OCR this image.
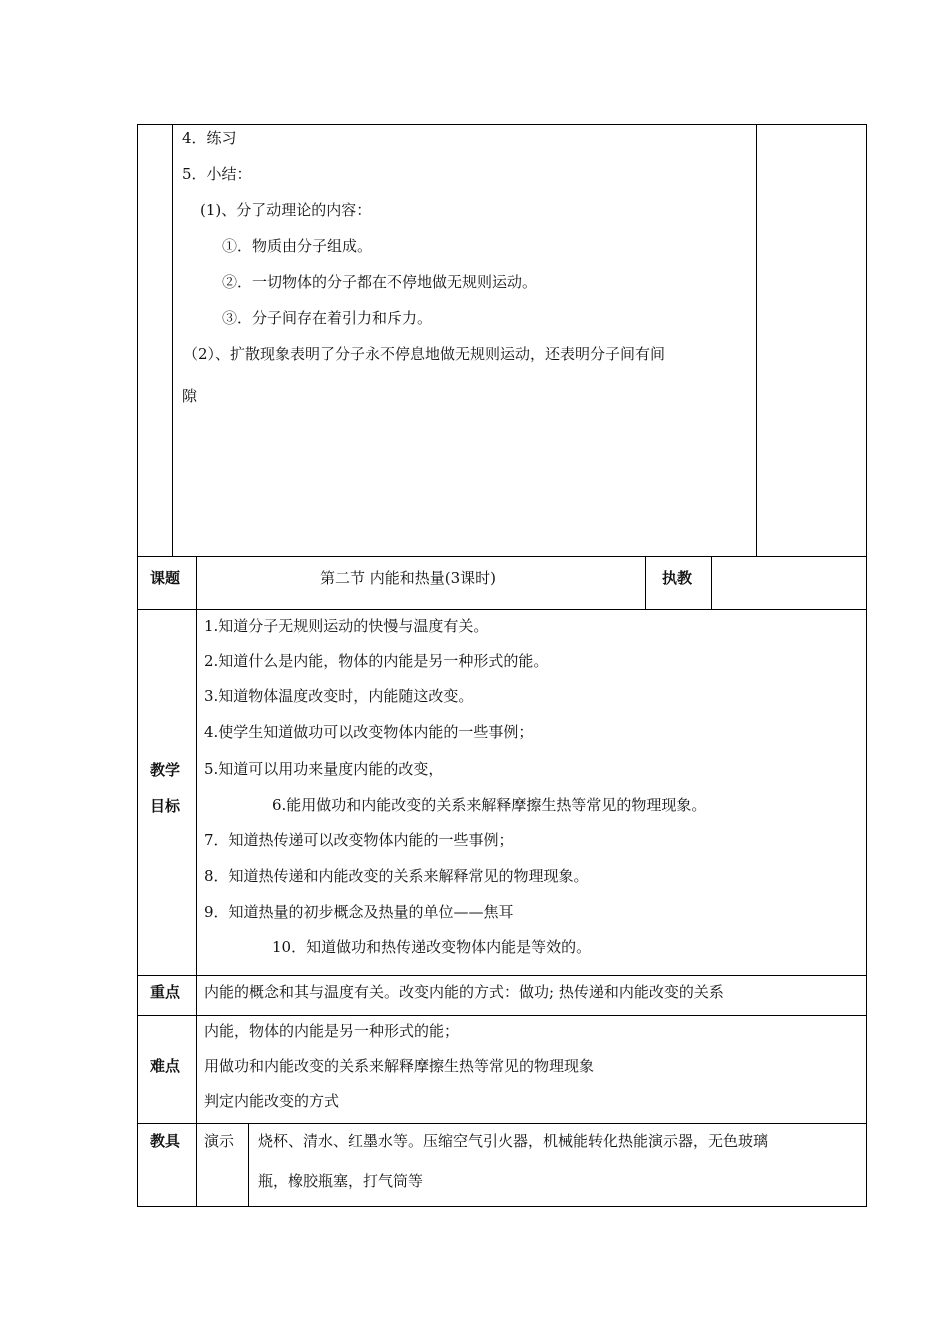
4．练习
5．小结：
(1)、分了动理论的内容：
①．物质由分子组成。
②．一切物体的分子都在不停地做无规则运动。
③．分子间存在着引力和斥力。
（2）、扩散现象表明了分子永不停息地做无规则运动，还表明分子间有间
隙
课题	第二节 内能和热量(3课时)	执教
教学
目标
1.知道分子无规则运动的快慢与温度有关。
2.知道什么是内能，物体的内能是另一种形式的能。
3.知道物体温度改变时，内能随这改变。
4.使学生知道做功可以改变物体内能的一些事例；
5.知道可以用功来量度内能的改变，
6.能用做功和内能改变的关系来解释摩擦生热等常见的物理现象。
7．知道热传递可以改变物体内能的一些事例；
8．知道热传递和内能改变的关系来解释常见的物理现象。
9．知道热量的初步概念及热量的单位——焦耳
10．知道做功和热传递改变物体内能是等效的。
重点 内能的概念和其与温度有关。改变内能的方式：做功; 热传递和内能改变的关系
难点
内能，物体的内能是另一种形式的能；
用做功和内能改变的关系来解释摩擦生热等常见的物理现象
判定内能改变的方式
教具 演示 烧杯、清水、红墨水等。压缩空气引火器，机械能转化热能演示器，无色玻璃
瓶，橡胶瓶塞，打气筒等
